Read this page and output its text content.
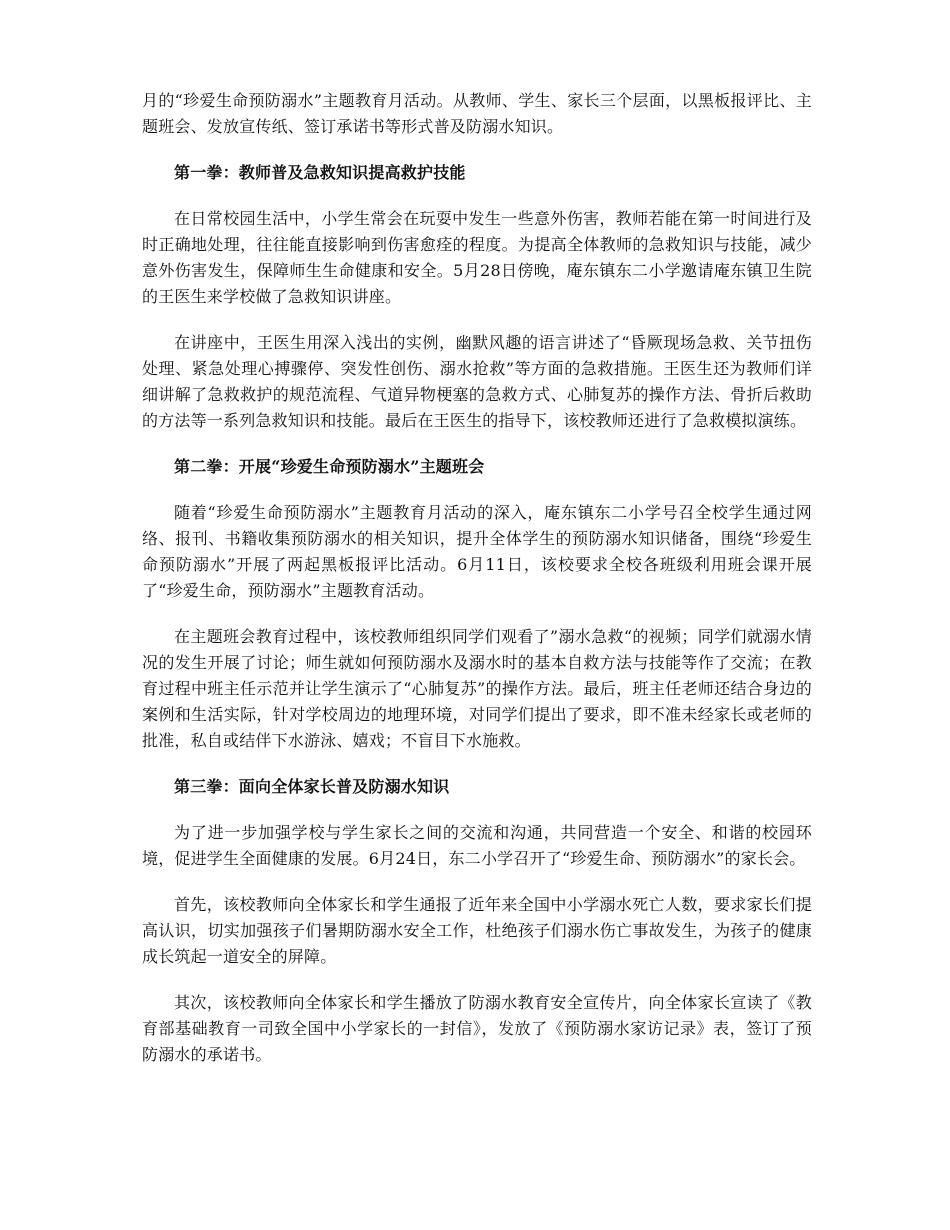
月的“珍爱生命预防溺水”主题教育月活动。从教师、学生、家长三个层面，以黑板报评比、主题班会、发放宣传纸、签订承诺书等形式普及防溺水知识。

第一拳：教师普及急救知识提高救护技能

在日常校园生活中，小学生常会在玩耍中发生一些意外伤害，教师若能在第一时间进行及时正确地处理，往往能直接影响到伤害愈痊的程度。为提高全体教师的急救知识与技能，减少意外伤害发生，保障师生生命健康和安全。5月28日傍晚，庵东镇东二小学邀请庵东镇卫生院的王医生来学校做了急救知识讲座。

在讲座中，王医生用深入浅出的实例，幽默风趣的语言讲述了“昏厥现场急救、关节扭伤处理、紧急处理心搏骤停、突发性创伤、溺水抢救”等方面的急救措施。王医生还为教师们详细讲解了急救救护的规范流程、气道异物梗塞的急救方式、心肺复苏的操作方法、骨折后救助的方法等一系列急救知识和技能。最后在王医生的指导下，该校教师还进行了急救模拟演练。

第二拳：开展“珍爱生命预防溺水”主题班会

随着“珍爱生命预防溺水”主题教育月活动的深入，庵东镇东二小学号召全校学生通过网络、报刊、书籍收集预防溺水的相关知识，提升全体学生的预防溺水知识储备，围绕“珍爱生命预防溺水”开展了两起黑板报评比活动。6月11日，该校要求全校各班级利用班会课开展了“珍爱生命，预防溺水”主题教育活动。

在主题班会教育过程中，该校教师组织同学们观看了”溺水急救“的视频；同学们就溺水情况的发生开展了讨论；师生就如何预防溺水及溺水时的基本自救方法与技能等作了交流；在教育过程中班主任示范并让学生演示了“心肺复苏”的操作方法。最后，班主任老师还结合身边的案例和生活实际，针对学校周边的地理环境，对同学们提出了要求，即不准未经家长或老师的批准，私自或结伴下水游泳、嬉戏；不盲目下水施救。

第三拳：面向全体家长普及防溺水知识

为了进一步加强学校与学生家长之间的交流和沟通，共同营造一个安全、和谐的校园环境，促进学生全面健康的发展。6月24日，东二小学召开了“珍爱生命、预防溺水”的家长会。

首先，该校教师向全体家长和学生通报了近年来全国中小学溺水死亡人数，要求家长们提高认识，切实加强孩子们暑期防溺水安全工作，杜绝孩子们溺水伤亡事故发生，为孩子的健康成长筑起一道安全的屏障。

其次，该校教师向全体家长和学生播放了防溺水教育安全宣传片，向全体家长宣读了《教育部基础教育一司致全国中小学家长的一封信》，发放了《预防溺水家访记录》表，签订了预防溺水的承诺书。
